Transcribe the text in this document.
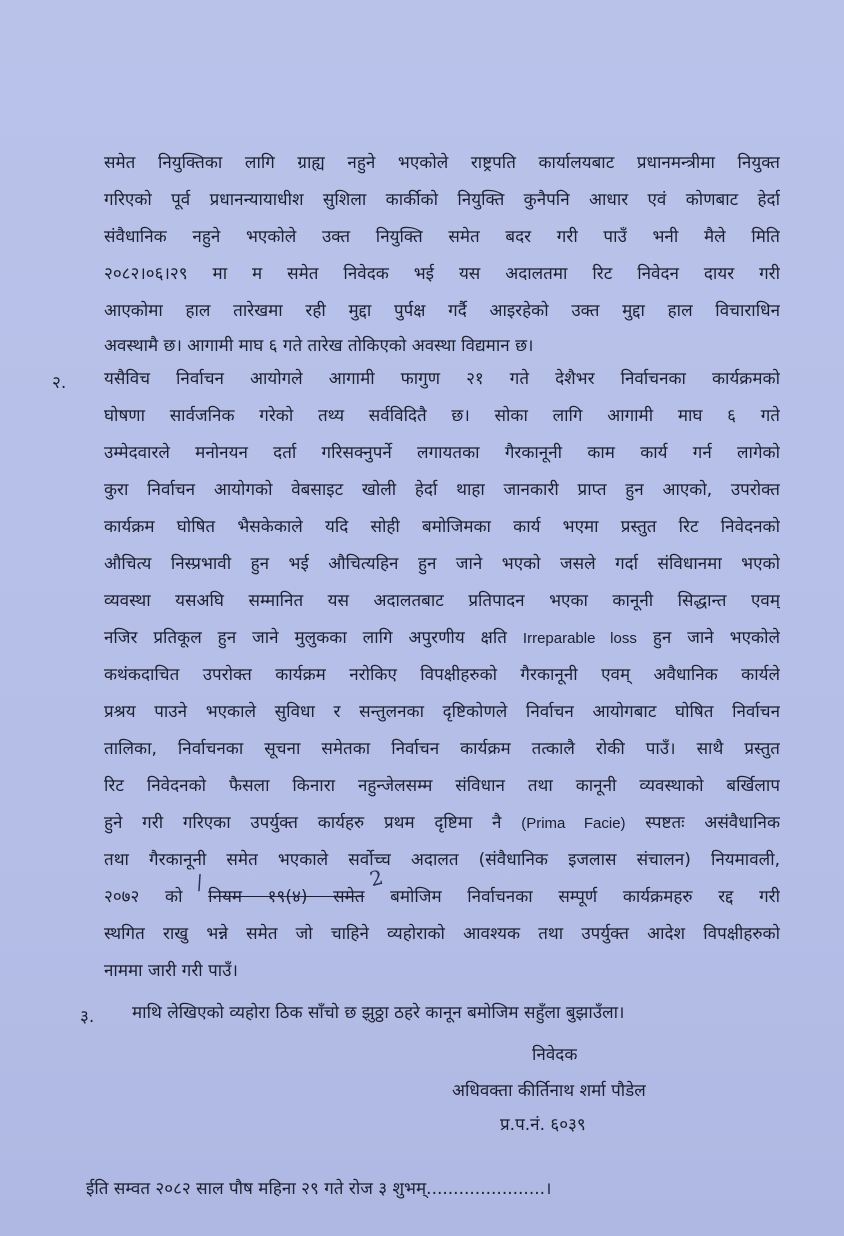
समेत नियुक्तिका लागि ग्राह्य नहुने भएकोले राष्ट्रपति कार्यालयबाट प्रधानमन्त्रीमा नियुक्त
गरिएको पूर्व प्रधानन्यायाधीश सुशिला कार्कीको नियुक्ति कुनैपनि आधार एवं कोणबाट हेर्दा
संवैधानिक नहुने भएकोले उक्त नियुक्ति समेत बदर गरी पाउँ भनी मैले मिति
२०८२।०६।२९ मा म समेत निवेदक भई यस अदालतमा रिट निवेदन दायर गरी
आएकोमा हाल तारेखमा रही मुद्दा पुर्पक्ष गर्दै आइरहेको उक्त मुद्दा हाल विचाराधिन
अवस्थामै छ। आगामी माघ ६ गते तारेख तोकिएको अवस्था विद्यमान छ।
२. यसैविच निर्वाचन आयोगले आगामी फागुण २१ गते देशैभर निर्वाचनका कार्यक्रमको
घोषणा सार्वजनिक गरेको तथ्य सर्वविदितै छ। सोका लागि आगामी माघ ६ गते
उम्मेदवारले मनोनयन दर्ता गरिसक्नुपर्ने लगायतका गैरकानूनी काम कार्य गर्न लागेको
कुरा निर्वाचन आयोगको वेबसाइट खोली हेर्दा थाहा जानकारी प्राप्त हुन आएको, उपरोक्त
कार्यक्रम घोषित भैसकेकाले यदि सोही बमोजिमका कार्य भएमा प्रस्तुत रिट निवेदनको
औचित्य निस्प्रभावी हुन भई औचित्यहिन हुन जाने भएको जसले गर्दा संविधानमा भएको
व्यवस्था यसअघि सम्मानित यस अदालतबाट प्रतिपादन भएका कानूनी सिद्धान्त एवम्
नजिर प्रतिकूल हुन जाने मुलुकका लागि अपुरणीय क्षति Irreparable loss हुन जाने भएकोले
कथंकदाचित उपरोक्त कार्यक्रम नरोकिए विपक्षीहरुको गैरकानूनी एवम् अवैधानिक कार्यले
प्रश्रय पाउने भएकाले सुविधा र सन्तुलनका दृष्टिकोणले निर्वाचन आयोगबाट घोषित निर्वाचन
तालिका, निर्वाचनका सूचना समेतका निर्वाचन कार्यक्रम तत्कालै रोकी पाउँ। साथै प्रस्तुत
रिट निवेदनको फैसला किनारा नहुन्जेलसम्म संविधान तथा कानूनी व्यवस्थाको बर्खिलाप
हुने गरी गरिएका उपर्युक्त कार्यहरु प्रथम दृष्टिमा नै (Prima Facie) स्पष्टतः असंवैधानिक
तथा गैरकानूनी समेत भएकाले सर्वोच्च अदालत (संवैधानिक इजलास संचालन) नियमावली,
२०७२ को नियम १९(४) समेत बमोजिम निर्वाचनका सम्पूर्ण कार्यक्रमहरु रद्द गरी
/	2
स्थगित राखु भन्ने समेत जो चाहिने व्यहोराको आवश्यक तथा उपर्युक्त आदेश विपक्षीहरुको
नाममा जारी गरी पाउँ।
३. माथि लेखिएको व्यहोरा ठिक साँचो छ झुठ्ठा ठहरे कानून बमोजिम सहुँला बुझाउँला।
निवेदक
अधिवक्ता कीर्तिनाथ शर्मा पौडेल
प्र.प.नं. ६०३९
ईति सम्वत २०८२ साल पौष महिना २९ गते रोज ३ शुभम्......................।
